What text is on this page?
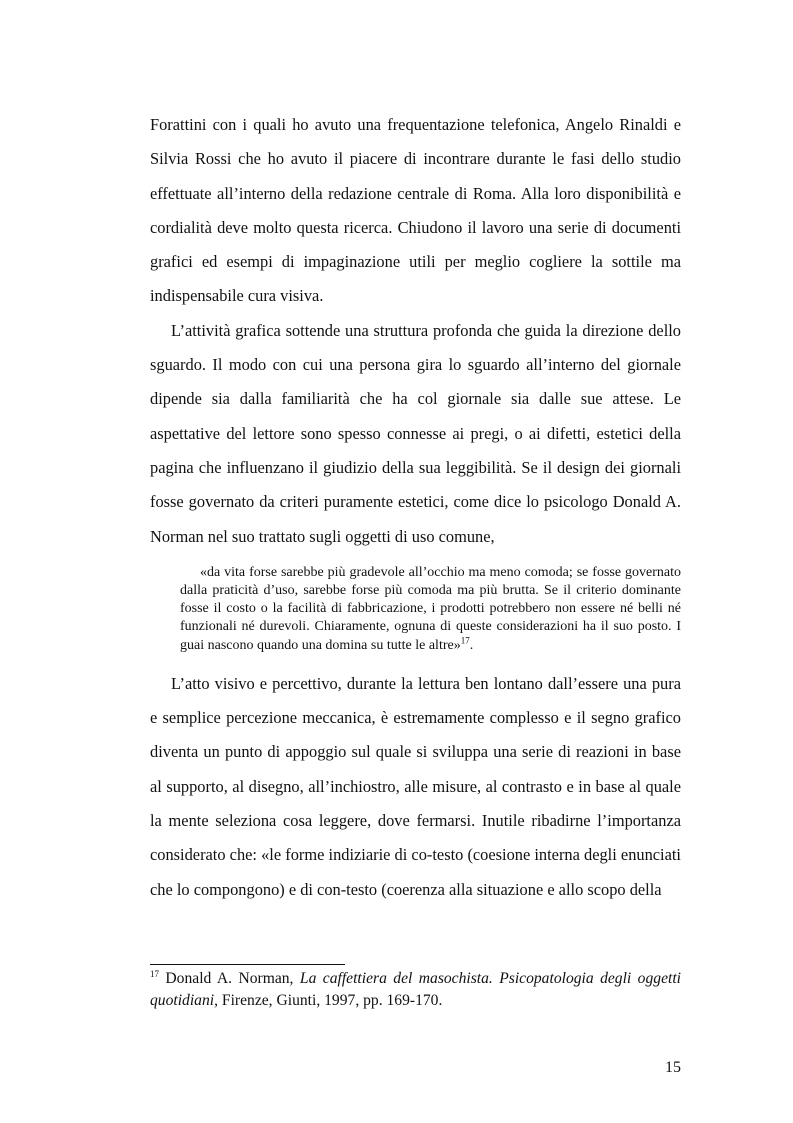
Forattini con i quali ho avuto una frequentazione telefonica, Angelo Rinaldi e Silvia Rossi che ho avuto il piacere di incontrare durante le fasi dello studio effettuate all’interno della redazione centrale di Roma. Alla loro disponibilità e cordialità deve molto questa ricerca. Chiudono il lavoro una serie di documenti grafici ed esempi di impaginazione utili per meglio cogliere la sottile ma indispensabile cura visiva.

L’attività grafica sottende una struttura profonda che guida la direzione dello sguardo. Il modo con cui una persona gira lo sguardo all’interno del giornale dipende sia dalla familiarità che ha col giornale sia dalle sue attese. Le aspettative del lettore sono spesso connesse ai pregi, o ai difetti, estetici della pagina che influenzano il giudizio della sua leggibilità. Se il design dei giornali fosse governato da criteri puramente estetici, come dice lo psicologo Donald A. Norman nel suo trattato sugli oggetti di uso comune,

«da vita forse sarebbe più gradevole all’occhio ma meno comoda; se fosse governato dalla praticità d’uso, sarebbe forse più comoda ma più brutta. Se il criterio dominante fosse il costo o la facilità di fabbricazione, i prodotti potrebbero non essere né belli né funzionali né durevoli. Chiaramente, ognuna di queste considerazioni ha il suo posto. I guai nascono quando una domina su tutte le altre»$^{17}$.

L’atto visivo e percettivo, durante la lettura ben lontano dall’essere una pura e semplice percezione meccanica, è estremamente complesso e il segno grafico diventa un punto di appoggio sul quale si sviluppa una serie di reazioni in base al supporto, al disegno, all’inchiostro, alle misure, al contrasto e in base al quale la mente seleziona cosa leggere, dove fermarsi. Inutile ribadirne l’importanza considerato che: «le forme indiziarie di co-testo (coesione interna degli enunciati che lo compongono) e di con-testo (coerenza alla situazione e allo scopo della

$^{17}$ Donald A. Norman, La caffettiera del masochista. Psicopatologia degli oggetti quotidiani, Firenze, Giunti, 1997, pp. 169-170.

15
